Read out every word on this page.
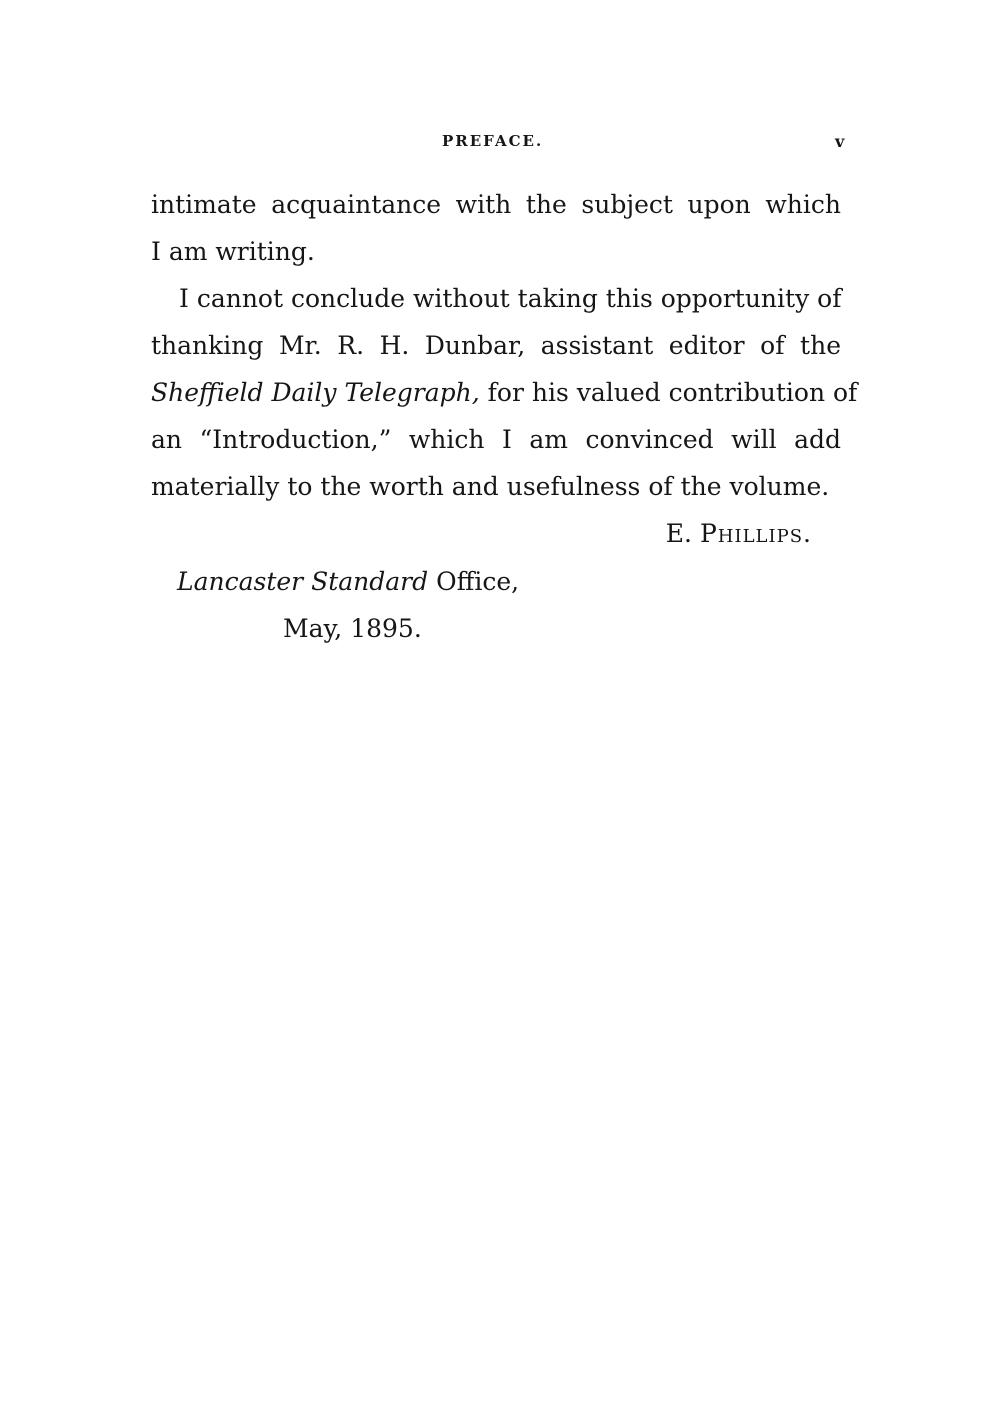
PREFACE.	v
intimate acquaintance with the subject upon which
I am writing.
I cannot conclude without taking this opportunity of
thanking Mr. R. H. Dunbar, assistant editor of the
Sheffield Daily Telegraph, for his valued contribution of
an “Introduction,” which I am convinced will add
materially to the worth and usefulness of the volume.
E. Phillips.
Lancaster Standard Office,
May, 1895.
